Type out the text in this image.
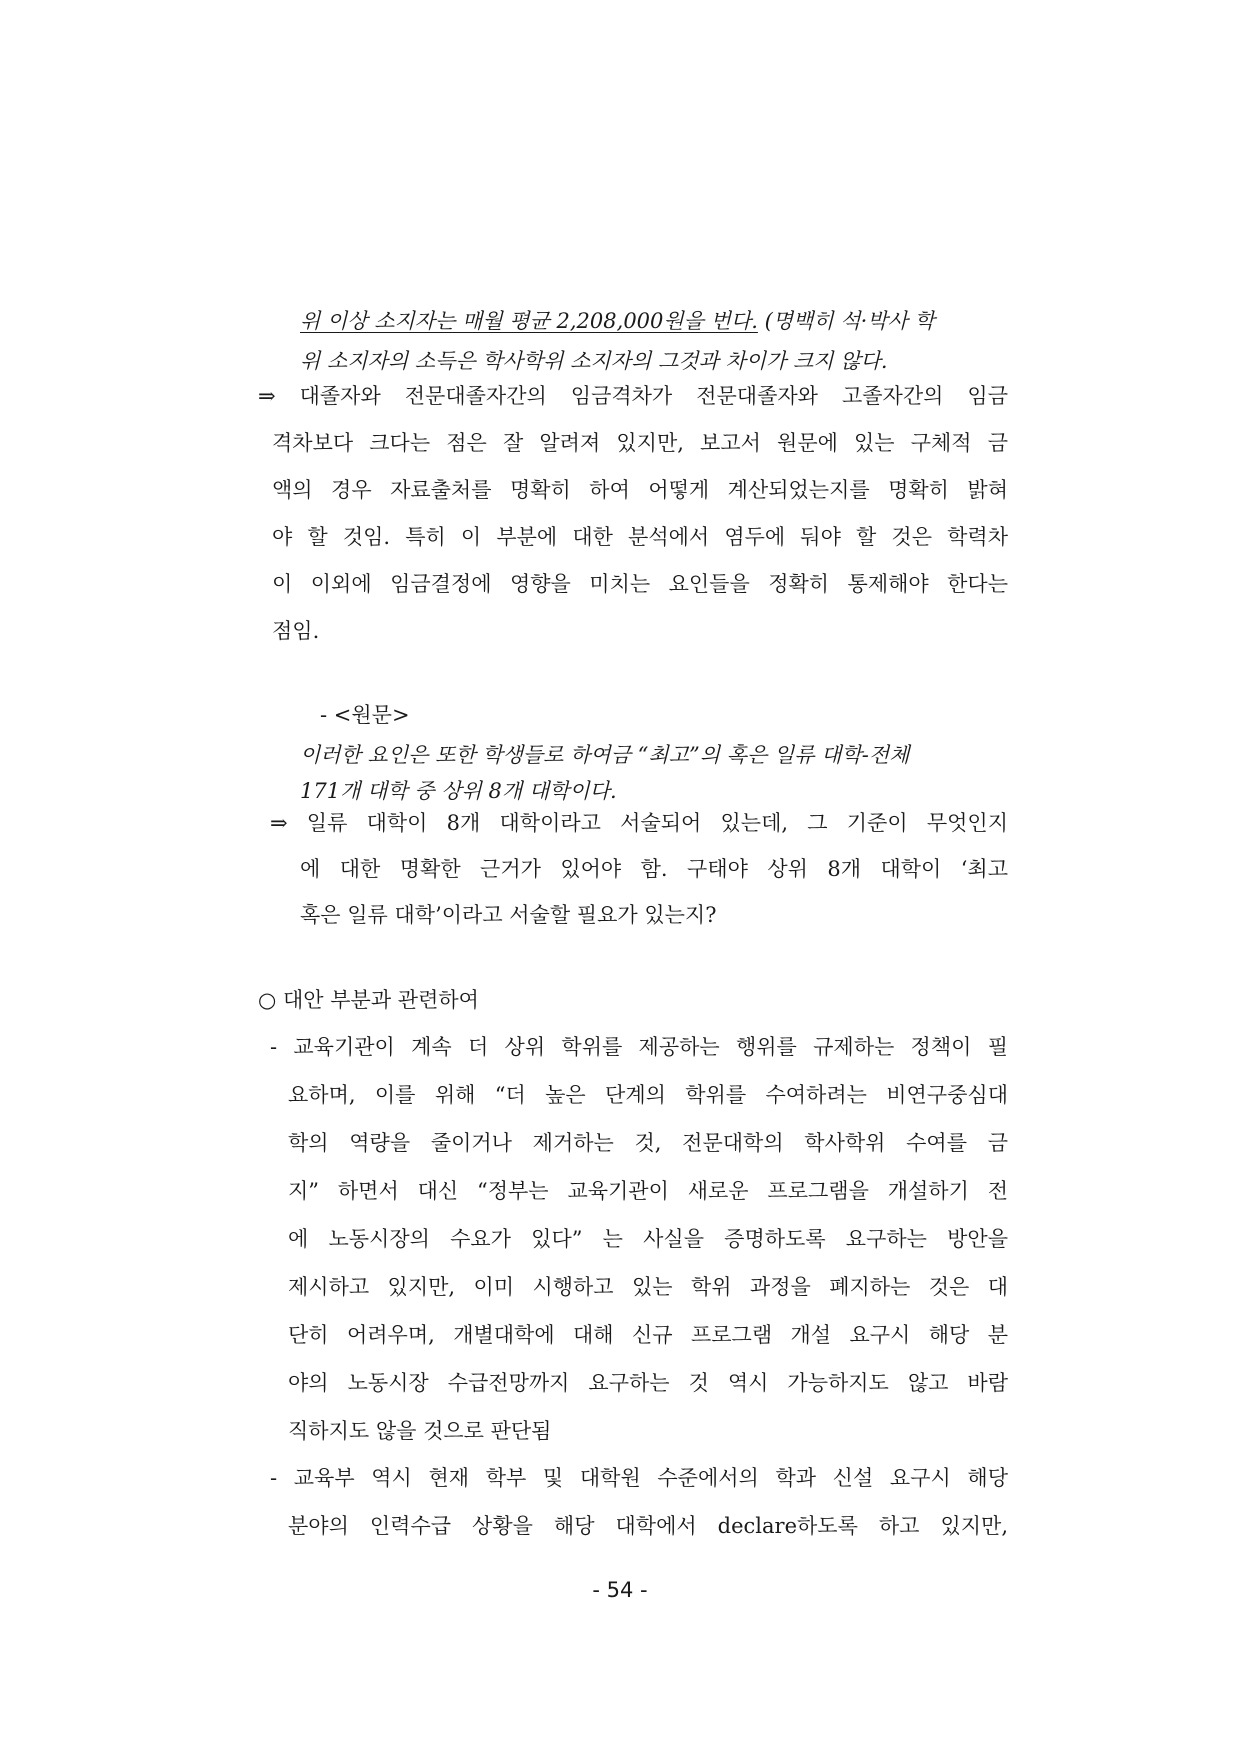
위 이상 소지자는 매월 평균 2,208,000원을 번다. (명백히 석·박사 학
위 소지자의 소득은 학사학위 소지자의 그것과 차이가 크지 않다.
⇒ 대졸자와 전문대졸자간의 임금격차가 전문대졸자와 고졸자간의 임금
격차보다 크다는 점은 잘 알려져 있지만, 보고서 원문에 있는 구체적 금
액의 경우 자료출처를 명확히 하여 어떻게 계산되었는지를 명확히 밝혀
야 할 것임. 특히 이 부분에 대한 분석에서 염두에 둬야 할 것은 학력차
이 이외에 임금결정에 영향을 미치는 요인들을 정확히 통제해야 한다는
점임.
- <원문>
이러한 요인은 또한 학생들로 하여금 “최고”의 혹은 일류 대학-전체
171개 대학 중 상위 8개 대학이다.
⇒ 일류 대학이 8개 대학이라고 서술되어 있는데, 그 기준이 무엇인지
에 대한 명확한 근거가 있어야 함. 구태야 상위 8개 대학이 ‘최고
혹은 일류 대학’이라고 서술할 필요가 있는지?
○ 대안 부분과 관련하여
- 교육기관이 계속 더 상위 학위를 제공하는 행위를 규제하는 정책이 필
요하며, 이를 위해 “더 높은 단계의 학위를 수여하려는 비연구중심대
학의 역량을 줄이거나 제거하는 것, 전문대학의 학사학위 수여를 금
지” 하면서 대신 “정부는 교육기관이 새로운 프로그램을 개설하기 전
에 노동시장의 수요가 있다” 는 사실을 증명하도록 요구하는 방안을
제시하고 있지만, 이미 시행하고 있는 학위 과정을 폐지하는 것은 대
단히 어려우며, 개별대학에 대해 신규 프로그램 개설 요구시 해당 분
야의 노동시장 수급전망까지 요구하는 것 역시 가능하지도 않고 바람
직하지도 않을 것으로 판단됨
- 교육부 역시 현재 학부 및 대학원 수준에서의 학과 신설 요구시 해당
분야의 인력수급 상황을 해당 대학에서 declare하도록 하고 있지만,
- 54 -
